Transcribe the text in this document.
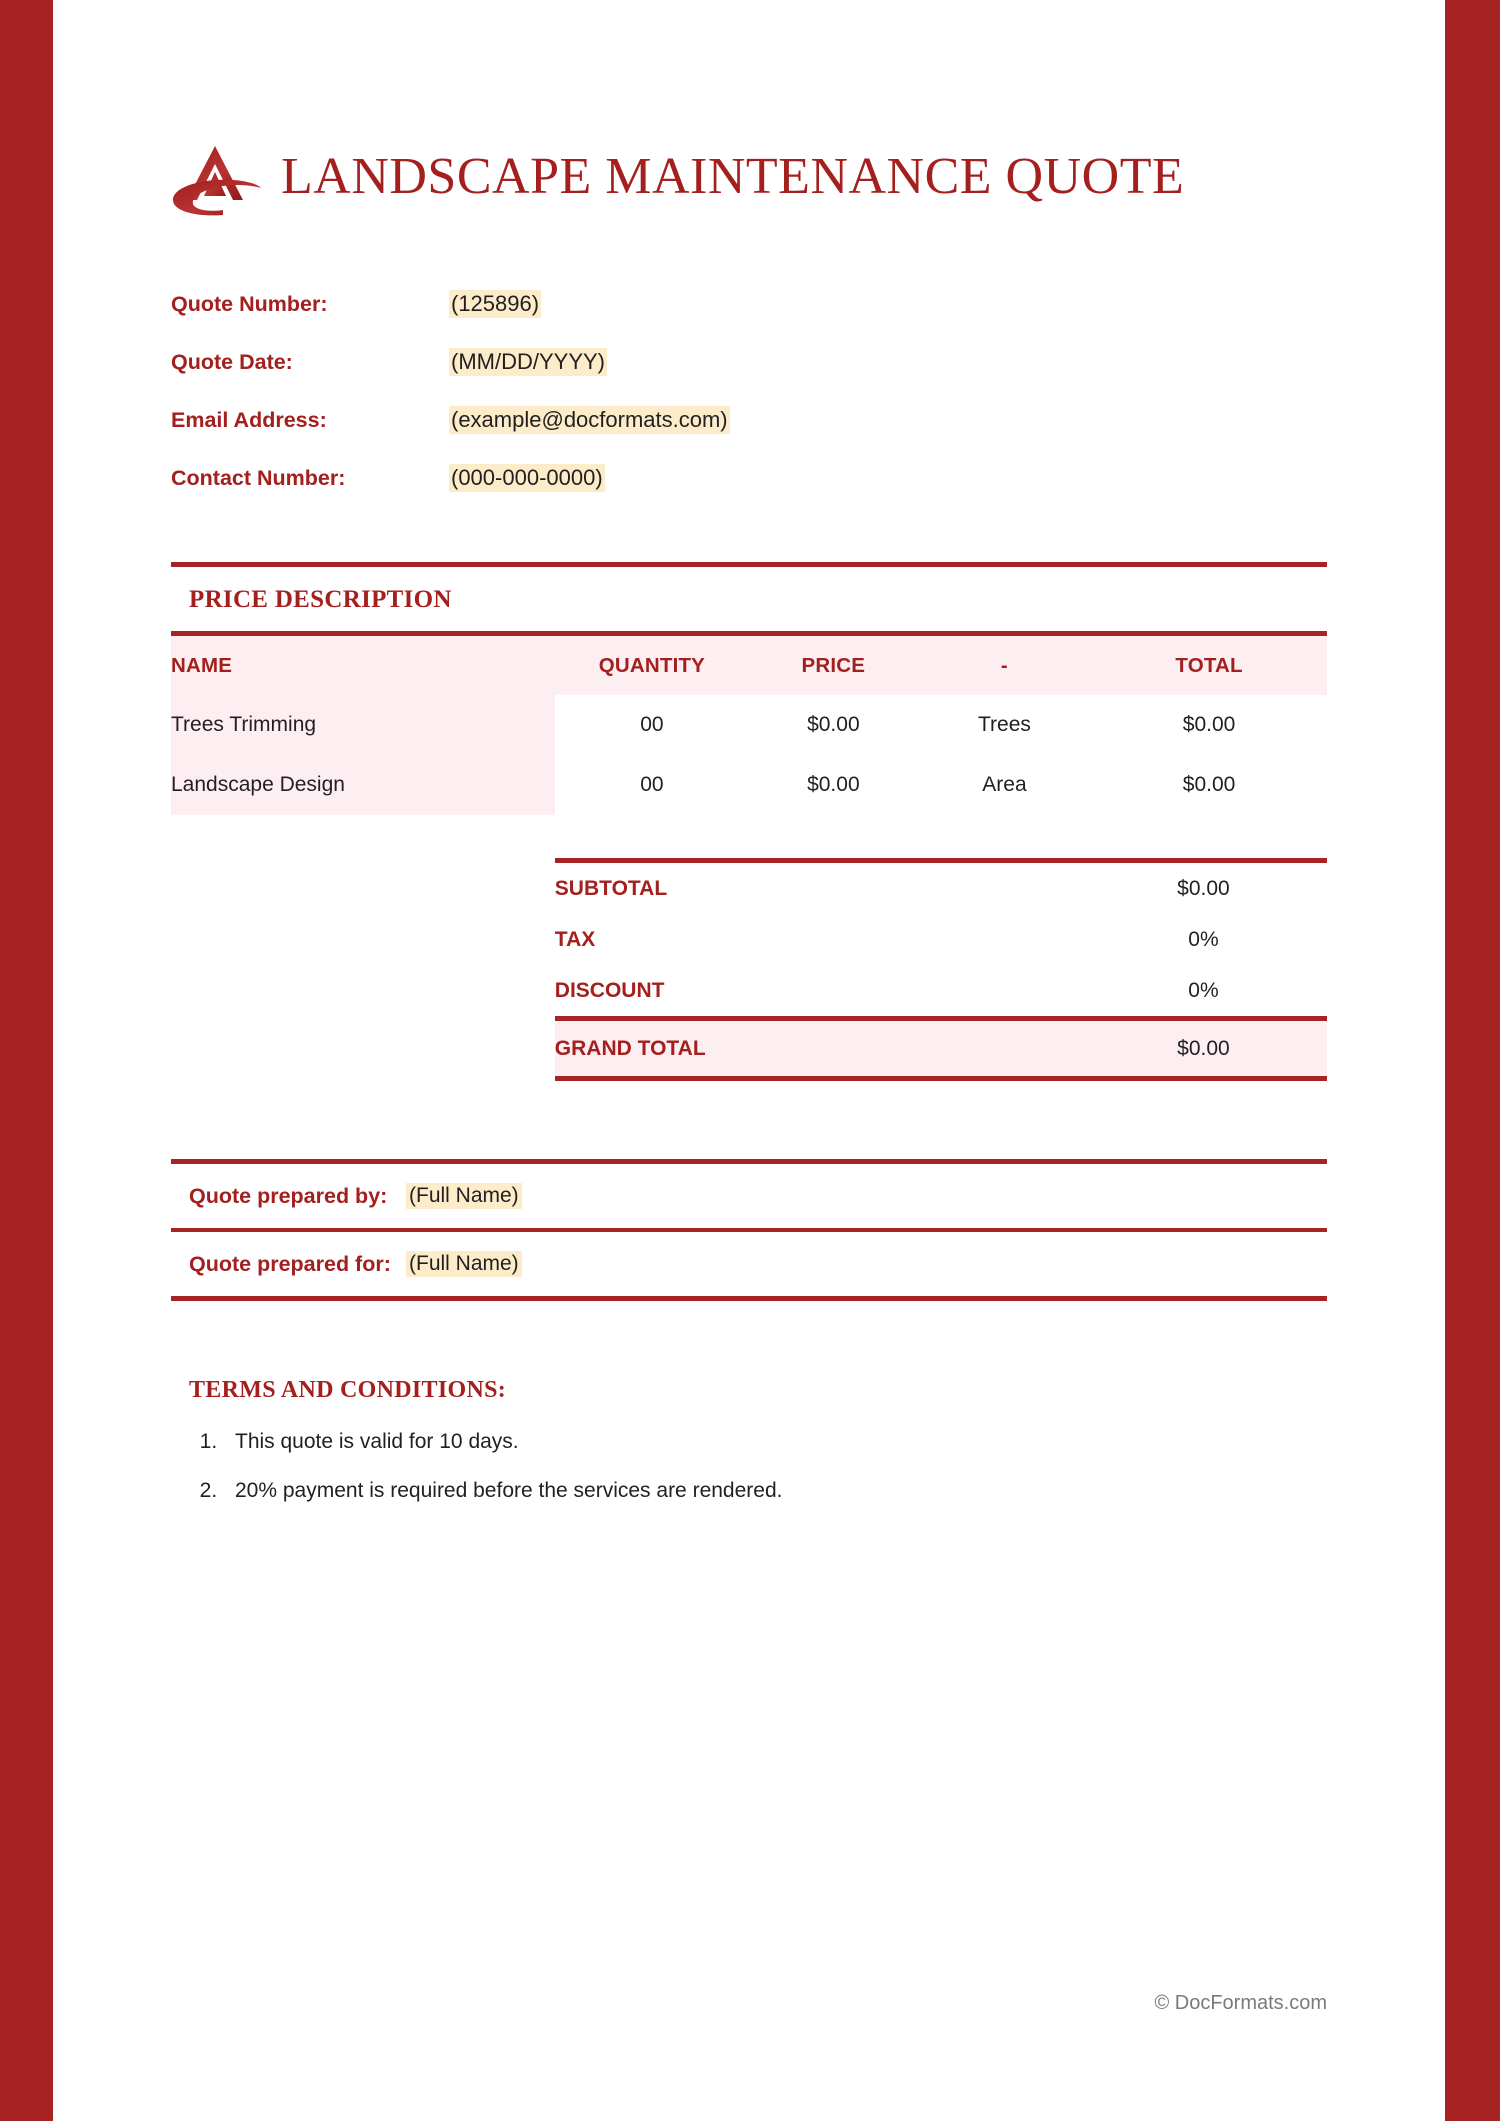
LANDSCAPE MAINTENANCE QUOTE
Quote Number:	(125896)
Quote Date:	(MM/DD/YYYY)
Email Address:	(example@docformats.com)
Contact Number:	(000-000-0000)
PRICE DESCRIPTION
NAME	QUANTITY	PRICE	-	TOTAL
Trees Trimming	00	$0.00	Trees	$0.00
Landscape Design	00	$0.00	Area	$0.00
SUBTOTAL	$0.00
TAX	0%
DISCOUNT	0%
GRAND TOTAL	$0.00
Quote prepared by:	(Full Name)
Quote prepared for: (Full Name)
TERMS AND CONDITIONS:
1. This quote is valid for 10 days.
2. 20% payment is required before the services are rendered.
© DocFormats.com
